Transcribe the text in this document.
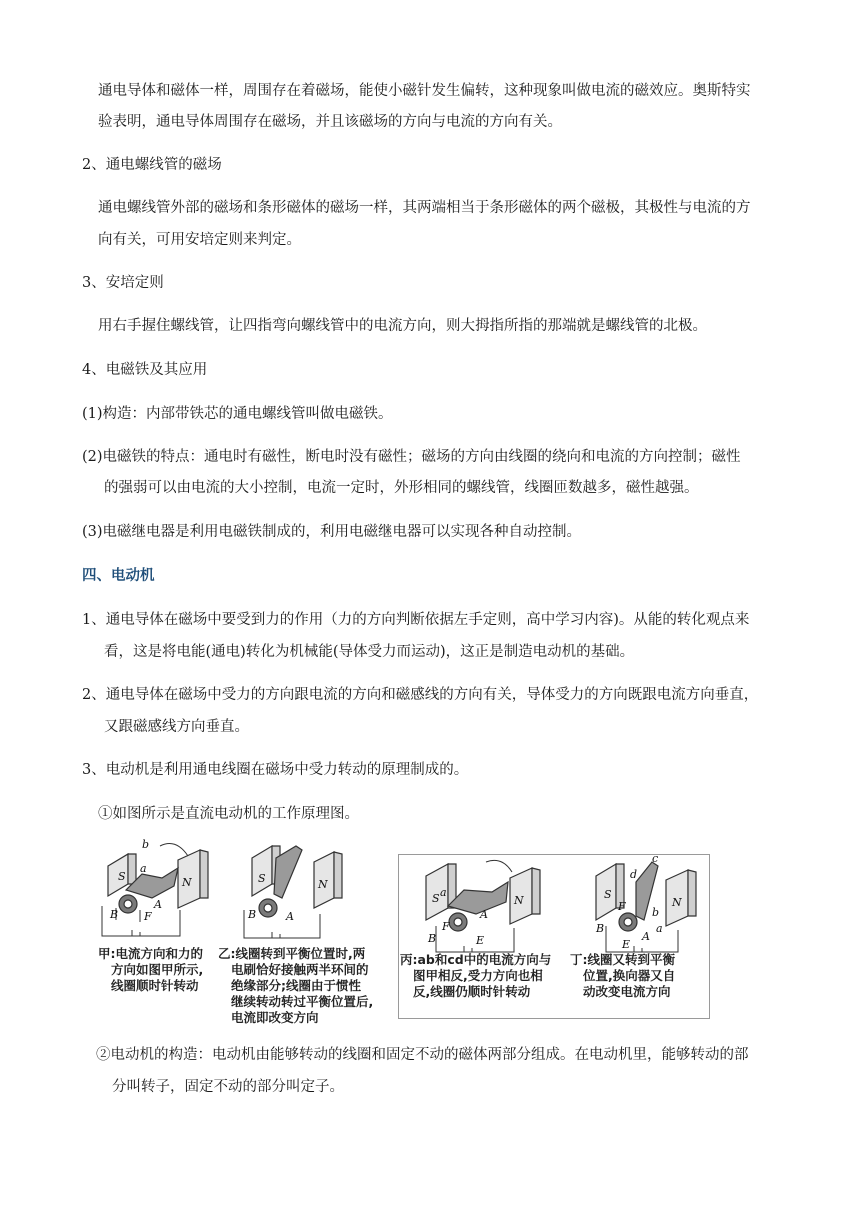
通电导体和磁体一样，周围存在着磁场，能使小磁针发生偏转，这种现象叫做电流的磁效应。奥斯特实
验表明，通电导体周围存在磁场，并且该磁场的方向与电流的方向有关。
2、通电螺线管的磁场
通电螺线管外部的磁场和条形磁体的磁场一样，其两端相当于条形磁体的两个磁极，其极性与电流的方
向有关，可用安培定则来判定。
3、安培定则
用右手握住螺线管，让四指弯向螺线管中的电流方向，则大拇指所指的那端就是螺线管的北极。
4、电磁铁及其应用
(1)构造：内部带铁芯的通电螺线管叫做电磁铁。
(2)电磁铁的特点：通电时有磁性，断电时没有磁性；磁场的方向由线圈的绕向和电流的方向控制；磁性
的强弱可以由电流的大小控制，电流一定时，外形相同的螺线管，线圈匝数越多，磁性越强。
(3)电磁继电器是利用电磁铁制成的，利用电磁继电器可以实现各种自动控制。
四、电动机
1、通电导体在磁场中要受到力的作用（力的方向判断依据左手定则，高中学习内容)。从能的转化观点来
看，这是将电能(通电)转化为机械能(导体受力而运动)，这正是制造电动机的基础。
2、通电导体在磁场中受力的方向跟电流的方向和磁感线的方向有关，导体受力的方向既跟电流方向垂直，
又跟磁感线方向垂直。
3、电动机是利用通电线圈在磁场中受力转动的原理制成的。
①如图所示是直流电动机的工作原理图。
a
b
S	N
B F
A
甲:电流方向和力的
方向如图甲所示,
线圈顺时针转动
S	N
B	A
乙:线圈转到平衡位置时,两
电刷恰好接触两半环间的
绝缘部分;线圈由于惯性
继续转动转过平衡位置后,
电流即改变方向
S	N
a
F
A
B	E
丙:ab和cd中的电流方向与
图甲相反,受力方向也相
反,线圈仍顺时针转动
c
d
S
N
F b
B	a
A
E
丁:线圈又转到平衡
位置,换向器又自
动改变电流方向
②电动机的构造：电动机由能够转动的线圈和固定不动的磁体两部分组成。在电动机里，能够转动的部
分叫转子，固定不动的部分叫定子。
